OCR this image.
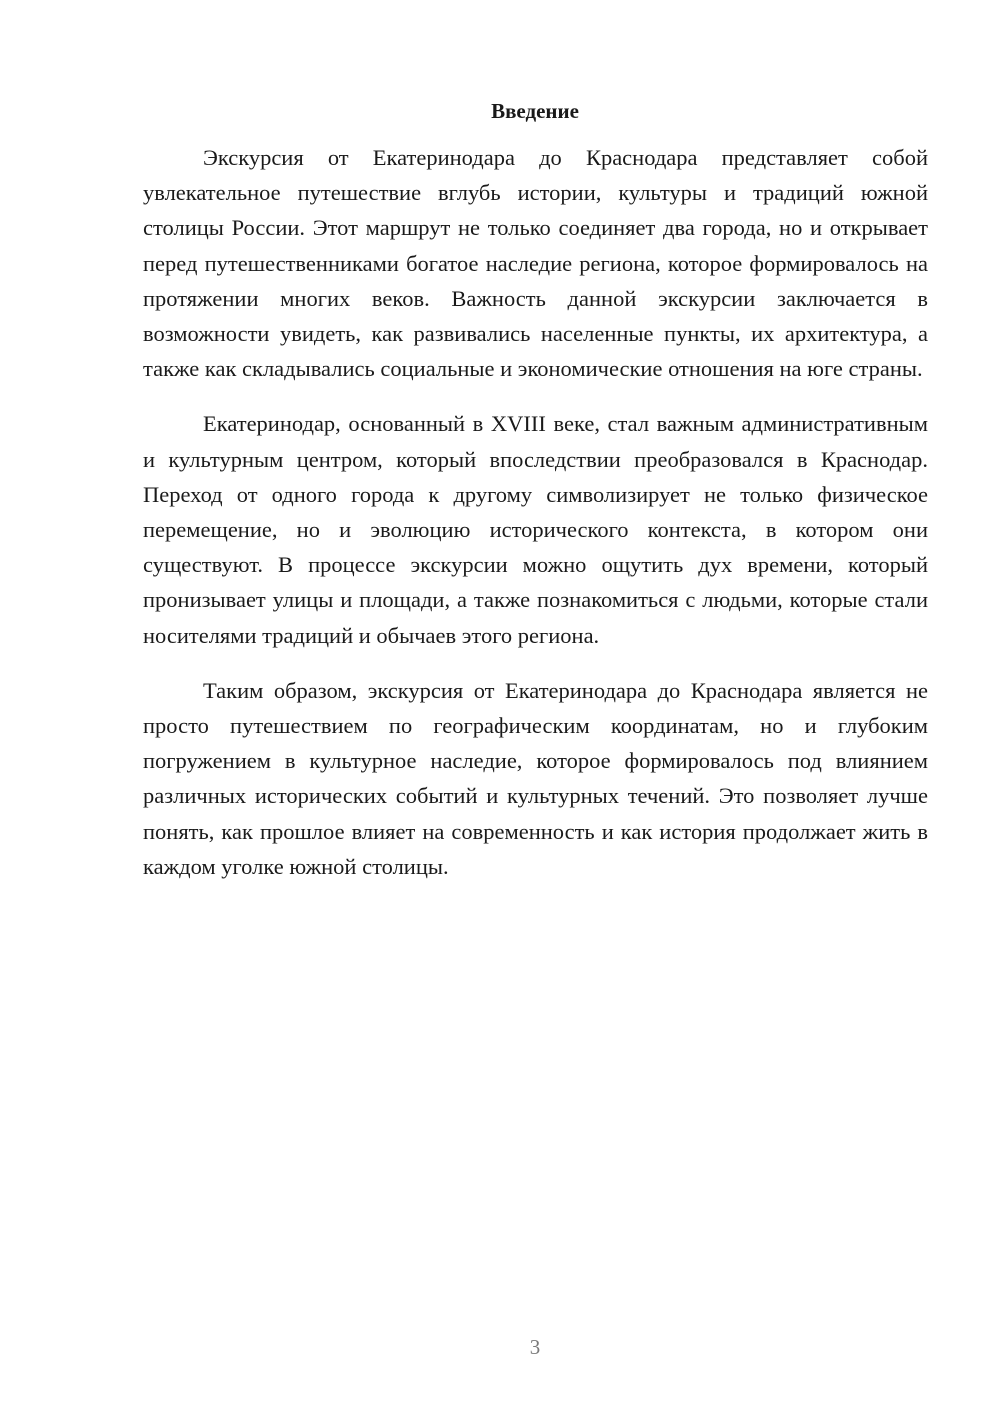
Введение

Экскурсия от Екатеринодара до Краснодара представляет собой увлекательное путешествие вглубь истории, культуры и традиций южной столицы России. Этот маршрут не только соединяет два города, но и открывает перед путешественниками богатое наследие региона, которое формировалось на протяжении многих веков. Важность данной экскурсии заключается в возможности увидеть, как развивались населенные пункты, их архитектура, а также как складывались социальные и экономические отношения на юге страны.

Екатеринодар, основанный в XVIII веке, стал важным административным и культурным центром, который впоследствии преобразовался в Краснодар. Переход от одного города к другому символизирует не только физическое перемещение, но и эволюцию исторического контекста, в котором они существуют. В процессе экскурсии можно ощутить дух времени, который пронизывает улицы и площади, а также познакомиться с людьми, которые стали носителями традиций и обычаев этого региона.

Таким образом, экскурсия от Екатеринодара до Краснодара является не просто путешествием по географическим координатам, но и глубоким погружением в культурное наследие, которое формировалось под влиянием различных исторических событий и культурных течений. Это позволяет лучше понять, как прошлое влияет на современность и как история продолжает жить в каждом уголке южной столицы.

3
